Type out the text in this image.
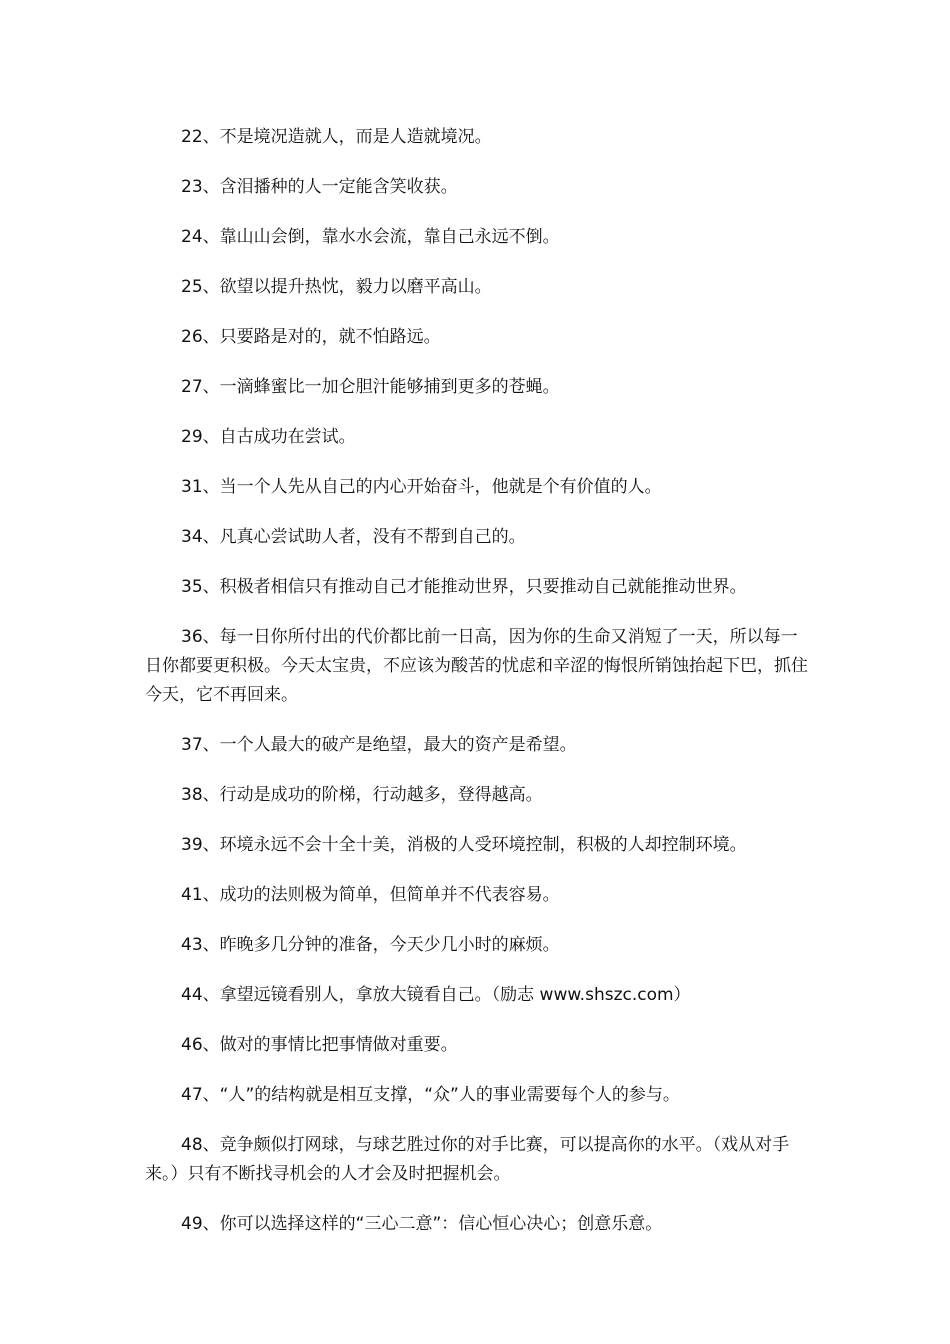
22、不是境况造就人，而是人造就境况。

23、含泪播种的人一定能含笑收获。

24、靠山山会倒，靠水水会流，靠自己永远不倒。

25、欲望以提升热忱，毅力以磨平高山。

26、只要路是对的，就不怕路远。

27、一滴蜂蜜比一加仑胆汁能够捕到更多的苍蝇。

29、自古成功在尝试。

31、当一个人先从自己的内心开始奋斗，他就是个有价值的人。

34、凡真心尝试助人者，没有不帮到自己的。

35、积极者相信只有推动自己才能推动世界，只要推动自己就能推动世界。

36、每一日你所付出的代价都比前一日高，因为你的生命又消短了一天，所以每一日你都要更积极。今天太宝贵，不应该为酸苦的忧虑和辛涩的悔恨所销蚀抬起下巴，抓住今天，它不再回来。

37、一个人最大的破产是绝望，最大的资产是希望。

38、行动是成功的阶梯，行动越多，登得越高。

39、环境永远不会十全十美，消极的人受环境控制，积极的人却控制环境。

41、成功的法则极为简单，但简单并不代表容易。

43、昨晚多几分钟的准备，今天少几小时的麻烦。

44、拿望远镜看别人，拿放大镜看自己。（励志 www.shszc.com）

46、做对的事情比把事情做对重要。

47、“人”的结构就是相互支撑，“众”人的事业需要每个人的参与。

48、竞争颇似打网球，与球艺胜过你的对手比赛，可以提高你的水平。（戏从对手来。）只有不断找寻机会的人才会及时把握机会。

49、你可以选择这样的“三心二意”：信心恒心决心；创意乐意。
